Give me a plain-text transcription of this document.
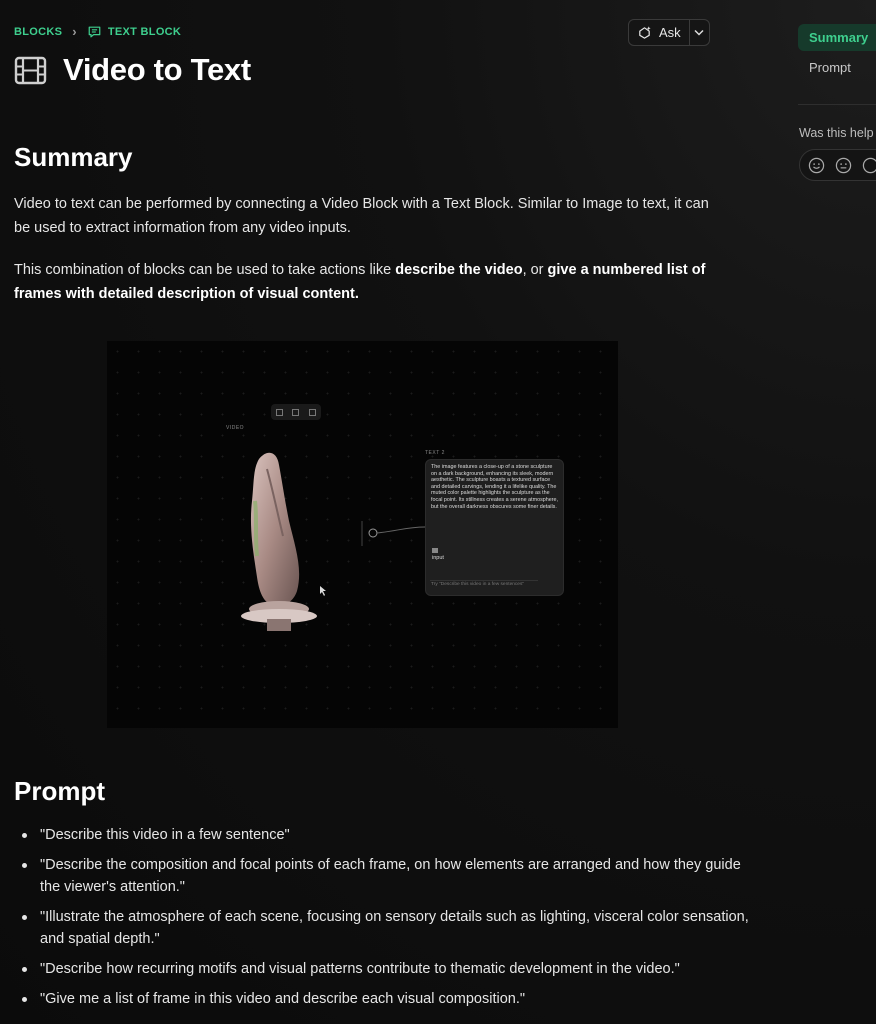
BLOCKS ›	TEXT BLOCK
Video to Text
Ask	Summary
Prompt
Was this help
Summary

Video to text can be performed by connecting a Video Block with a Text Block. Similar to Image to text, it can be used to extract information from any video inputs.

This combination of blocks can be used to take actions like describe the video, or give a numbered list of frames with detailed description of visual content.

VIDEO
TEXT 2
The image features a close-up of a stone sculpture on a dark background, enhancing its sleek, modern aesthetic. The sculpture boasts a textured surface and detailed carvings, lending it a lifelike quality. The muted color palette highlights the sculpture as the focal point. Its stillness creates a serene atmosphere, but the overall darkness obscures some finer details.
input
Try "Describe this video in a few sentences"
Prompt
"Describe this video in a few sentence"
"Describe the composition and focal points of each frame, on how elements are arranged and how they guide the viewer's attention."
"Illustrate the atmosphere of each scene, focusing on sensory details such as lighting, visceral color sensation, and spatial depth."
"Describe how recurring motifs and visual patterns contribute to thematic development in the video."
"Give me a list of frame in this video and describe each visual composition."
